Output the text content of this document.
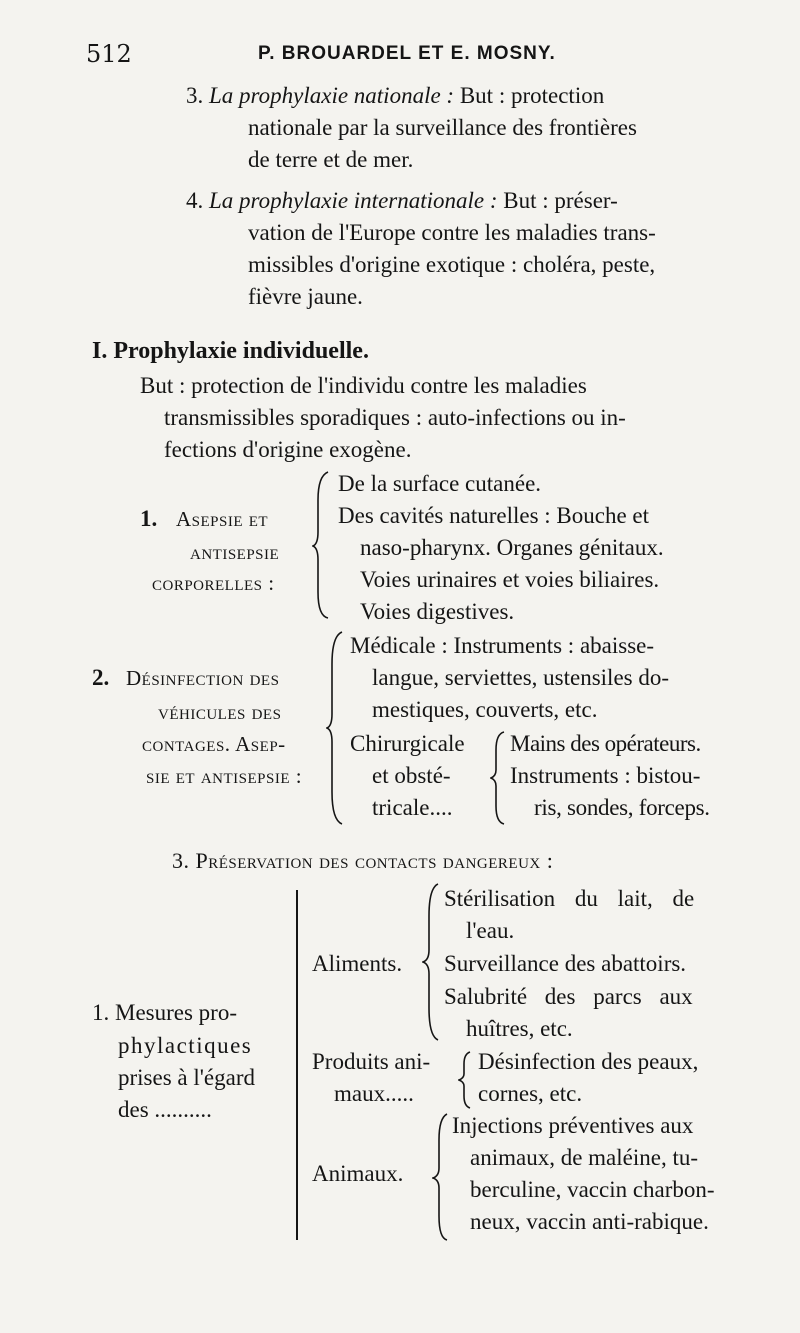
512	P. BROUARDEL ET E. MOSNY.
3. La prophylaxie nationale : But : protection
nationale par la surveillance des frontières
de terre et de mer.
4. La prophylaxie internationale : But : préser-
vation de l'Europe contre les maladies trans-
missibles d'origine exotique : choléra, peste,
fièvre jaune.
I. Prophylaxie individuelle.
But : protection de l'individu contre les maladies
transmissibles sporadiques : auto-infections ou in-
fections d'origine exogène.
1. Asepsie et
antisepsie
corporelles :
De la surface cutanée.
Des cavités naturelles : Bouche et
naso-pharynx. Organes génitaux.
Voies urinaires et voies biliaires.
Voies digestives.
2. Désinfection des
véhicules des
contages. Asep-
sie et antisepsie :
Médicale : Instruments : abaisse-
langue, serviettes, ustensiles do-
mestiques, couverts, etc.
Chirurgicale
et obsté-
tricale....
Mains des opérateurs.
Instruments : bistou-
ris, sondes, forceps.
3. Préservation des contacts dangereux :
1. Mesures pro-
phylactiques
prises à l'égard
des ..........
Aliments.
Stérilisation du lait, de
l'eau.
Surveillance des abattoirs.
Salubrité des parcs aux
huîtres, etc.
Produits ani-
maux.....
Désinfection des peaux,
cornes, etc.
Animaux.
Injections préventives aux
animaux, de maléine, tu-
berculine, vaccin charbon-
neux, vaccin anti-rabique.
